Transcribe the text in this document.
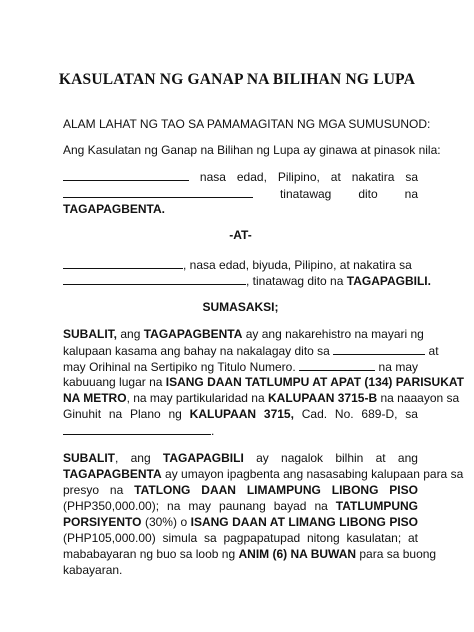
KASULATAN NG GANAP NA BILIHAN NG LUPA
ALAM LAHAT NG TAO SA PAMAMAGITAN NG MGA SUMUSUNOD:
Ang Kasulatan ng Ganap na Bilihan ng Lupa ay ginawa at pinasok nila:
nasa edad, Pilipino, at nakatira sa
tinatawag dito na
TAGAPAGBENTA.
-AT-
, nasa edad, biyuda, Pilipino, at nakatira sa
, tinatawag dito na TAGAPAGBILI.
SUMASAKSI;
SUBALIT, ang TAGAPAGBENTA ay ang nakarehistro na mayari ng
kalupaan kasama ang bahay na nakalagay dito sa	at
may Orihinal na Sertipiko ng Titulo Numero.	na may
kabuuang lugar na ISANG DAAN TATLUMPU AT APAT (134) PARISUKAT
NA METRO, na may partikularidad na KALUPAAN 3715-B na naaayon sa
Ginuhit na Plano ng KALUPAAN 3715, Cad. No. 689-D, sa
.
SUBALIT, ang TAGAPAGBILI ay nagalok bilhin at ang
TAGAPAGBENTA ay umayon ipagbenta ang nasasabing kalupaan para sa
presyo na TATLONG DAAN LIMAMPUNG LIBONG PISO
(PHP350,000.00); na may paunang bayad na TATLUMPUNG
PORSIYENTO (30%) o ISANG DAAN AT LIMANG LIBONG PISO
(PHP105,000.00) simula sa pagpapatupad nitong kasulatan; at
mababayaran ng buo sa loob ng ANIM (6) NA BUWAN para sa buong
kabayaran.
